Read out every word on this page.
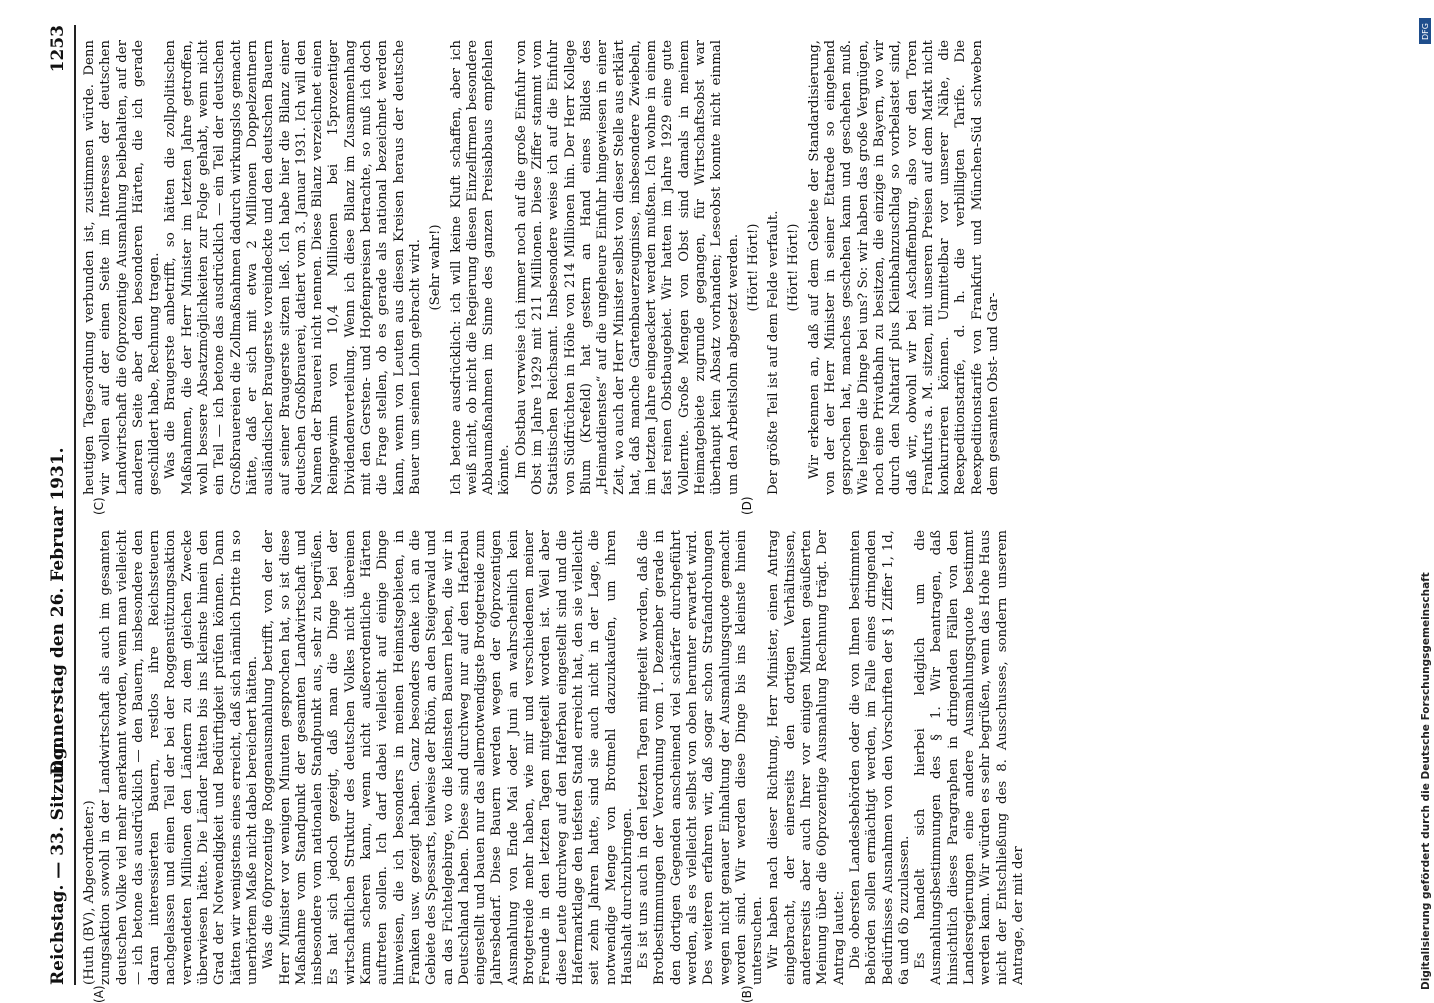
Reichstag. — 33. Sitzung.
Donnerstag den 26. Februar 1931.
1253

(Huth (BV), Abgeordneter:) zungsaktion sowohl in der Landwirtschaft als auch im gesamten deutschen Volke viel mehr anerkannt worden, wenn man vielleicht — ich betone das ausdrücklich — den Bauern, insbesondere den daran interessierten Bauern, restlos ihre Reichssteuern nachgelassen und einen Teil der bei der Roggenstützungsaktion verwendeten Millionen den Ländern zu dem gleichen Zwecke überwiesen hätte. Die Länder hätten bis ins kleinste hinein den Grad der Notwendigkeit und Bedürftigkeit prüfen können. Dann hätten wir wenigstens eines erreicht, daß sich nämlich Dritte in so unerhörtem Maße nicht dabei bereichert hätten. Was die 60prozentige Roggenausmahlung betrifft, von der der Herr Minister vor wenigen Minuten gesprochen hat, so ist diese Maßnahme vom Standpunkt der gesamten Landwirtschaft und insbesondere vom nationalen Standpunkt aus, sehr zu begrüßen. Es hat sich jedoch gezeigt, daß man die Dinge bei der wirtschaftlichen Struktur des deutschen Volkes nicht übereinen Kamm scheren kann, wenn nicht außerordentliche Härten auftreten sollen. Ich darf dabei vielleicht auf einige Dinge hinweisen, die ich besonders in meinen Heimatsgebieten, in Franken usw. gezeigt haben. Ganz besonders denke ich an die Gebiete des Spessarts, teilweise der Rhön, an den Steigerwald und an das Fichtelgebirge, wo die kleinsten Bauern leben, die wir in Deutschland haben. Diese sind durchweg nur auf den Haferbau eingestellt und bauen nur das allernotwendigste Brotgetreide zum Jahresbedarf. Diese Bauern werden wegen der 60prozentigen Ausmahlung von Ende Mai oder Juni an wahrscheinlich kein Brotgetreide mehr haben, wie mir und verschiedenen meiner Freunde in den letzten Tagen mitgeteilt worden ist. Weil aber diese Leute durchweg auf den Haferbau eingestellt sind und die Hafermarktlage den tiefsten Stand erreicht hat, den sie vielleicht seit zehn Jahren hatte, sind sie auch nicht in der Lage, die notwendige Menge von Brotmehl dazuzukaufen, um ihren Haushalt durchzubringen. Es ist uns auch in den letzten Tagen mitgeteilt worden, daß die Brotbestimmungen der Verordnung vom 1. Dezember gerade in den dortigen Gegenden anscheinend viel schärfer durchgeführt werden, als es vielleicht selbst von oben herunter erwartet wird. Des weiteren erfahren wir, daß sogar schon Strafandrohungen wegen nicht genauer Einhaltung der Ausmahlungsquote gemacht worden sind. Wir werden diese Dinge bis ins kleinste hinein untersuchen. Wir haben nach dieser Richtung, Herr Minister, einen Antrag eingebracht, der einerseits den dortigen Verhältnissen, andererseits aber auch Ihrer vor einigen Minuten geäußerten Meinung über die 60prozentige Ausmahlung Rechnung trägt. Der Antrag lautet: Die obersten Landesbehörden oder die von Ihnen bestimmten Behörden sollen ermächtigt werden, im Falle eines dringenden Bedürfnisses Ausnahmen von den Vorschriften der § 1 Ziffer 1, 1d, 6a und 6b zuzulassen. Es handelt sich hierbei lediglich um die Ausmahlungsbestimmungen des § 1. Wir beantragen, daß hinsichtlich dieses Paragraphen in dringenden Fällen von den Landesregierungen eine andere Ausmahlungsquote bestimmt werden kann. Wir würden es sehr begrüßen, wenn das Hohe Haus nicht der Entschließung des 8. Ausschusses, sondern unserem Antrage, der mit der

heutigen Tagesordnung verbunden ist, zustimmen würde. Denn wir wollen auf der einen Seite im Interesse der deutschen Landwirtschaft die 60prozentige Ausmahlung beibehalten, auf der anderen Seite aber den besonderen Härten, die ich gerade geschildert habe, Rechnung tragen. Was die Braugerste anbetrifft, so hätten die zollpolitischen Maßnahmen, die der Herr Minister im letzten Jahre getroffen, wohl bessere Absatzmöglichkeiten zur Folge gehabt, wenn nicht ein Teil — ich betone das ausdrücklich — ein Teil der deutschen Großbrauereien die Zollmaßnahmen dadurch wirkungslos gemacht hätte, daß er sich mit etwa 2 Millionen Doppelzentnern ausländischer Braugerste voreindeckte und den deutschen Bauern auf seiner Braugerste sitzen ließ. Ich habe hier die Bilanz einer deutschen Großbrauerei, datiert vom 3. Januar 1931. Ich will den Namen der Brauerei nicht nennen. Diese Bilanz verzeichnet einen Reingewinn von 10,4 Millionen bei 15prozentiger Dividendenverteilung. Wenn ich diese Bilanz im Zusammenhang mit den Gersten- und Hopfenpreisen betrachte, so muß ich doch die Frage stellen, ob es gerade als national bezeichnet werden kann, wenn von Leuten aus diesen Kreisen heraus der deutsche Bauer um seinen Lohn gebracht wird. (Sehr wahr!) Ich betone ausdrücklich: ich will keine Kluft schaffen, aber ich weiß nicht, ob nicht die Regierung diesen Einzelfirmen besondere Abbaumaßnahmen im Sinne des ganzen Preisabbaus empfehlen könnte. Im Obstbau verweise ich immer noch auf die große Einfuhr von Obst im Jahre 1929 mit 211 Millionen. Diese Ziffer stammt vom Statistischen Reichsamt. Insbesondere weise ich auf die Einfuhr von Südfrüchten in Höhe von 214 Millionen hin. Der Herr Kollege Blum (Krefeld) hat gestern an Hand eines Bildes des „Heimatdienstes“ auf die ungeheure Einfuhr hingewiesen in einer Zeit, wo auch der Herr Minister selbst von dieser Stelle aus erklärt hat, daß manche Gartenbauerzeugnisse, insbesondere Zwiebeln, im letzten Jahre eingeackert werden mußten. Ich wohne in einem fast reinen Obstbaugebiet. Wir hatten im Jahre 1929 eine gute Vollernte. Große Mengen von Obst sind damals in meinem Heimatgebiete zugrunde gegangen, für Wirtschaftsobst war überhaupt kein Absatz vorhanden; Leseobst konnte nicht einmal um den Arbeitslohn abgesetzt werden. (Hört! Hört!) Der größte Teil ist auf dem Felde verfault. (Hört! Hört!) Wir erkennen an, daß auf dem Gebiete der Standardisierung, von der der Herr Minister in seiner Etatrede so eingehend gesprochen hat, manches geschehen kann und geschehen muß. Wie liegen die Dinge bei uns? So: wir haben das große Vergnügen, noch eine Privatbahn zu besitzen, die einzige in Bayern, wo wir durch den Nahtarif plus Kleinbahnzuschlag so vorbelastet sind, daß wir, obwohl wir bei Aschaffenburg, also vor den Toren Frankfurts a. M. sitzen, mit unseren Preisen auf dem Markt nicht konkurrieren können. Unmittelbar vor unserer Nähe, die Reexpeditionstarife, d. h. die verbilligten Tarife. Die Reexpeditionstarife von Frankfurt und München-Süd schweben dem gesamten Obst- und Gar-

(A)	(B)
(C)	(D)
DFG
Digitalisierung gefördert durch die Deutsche Forschungsgemeinschaft
